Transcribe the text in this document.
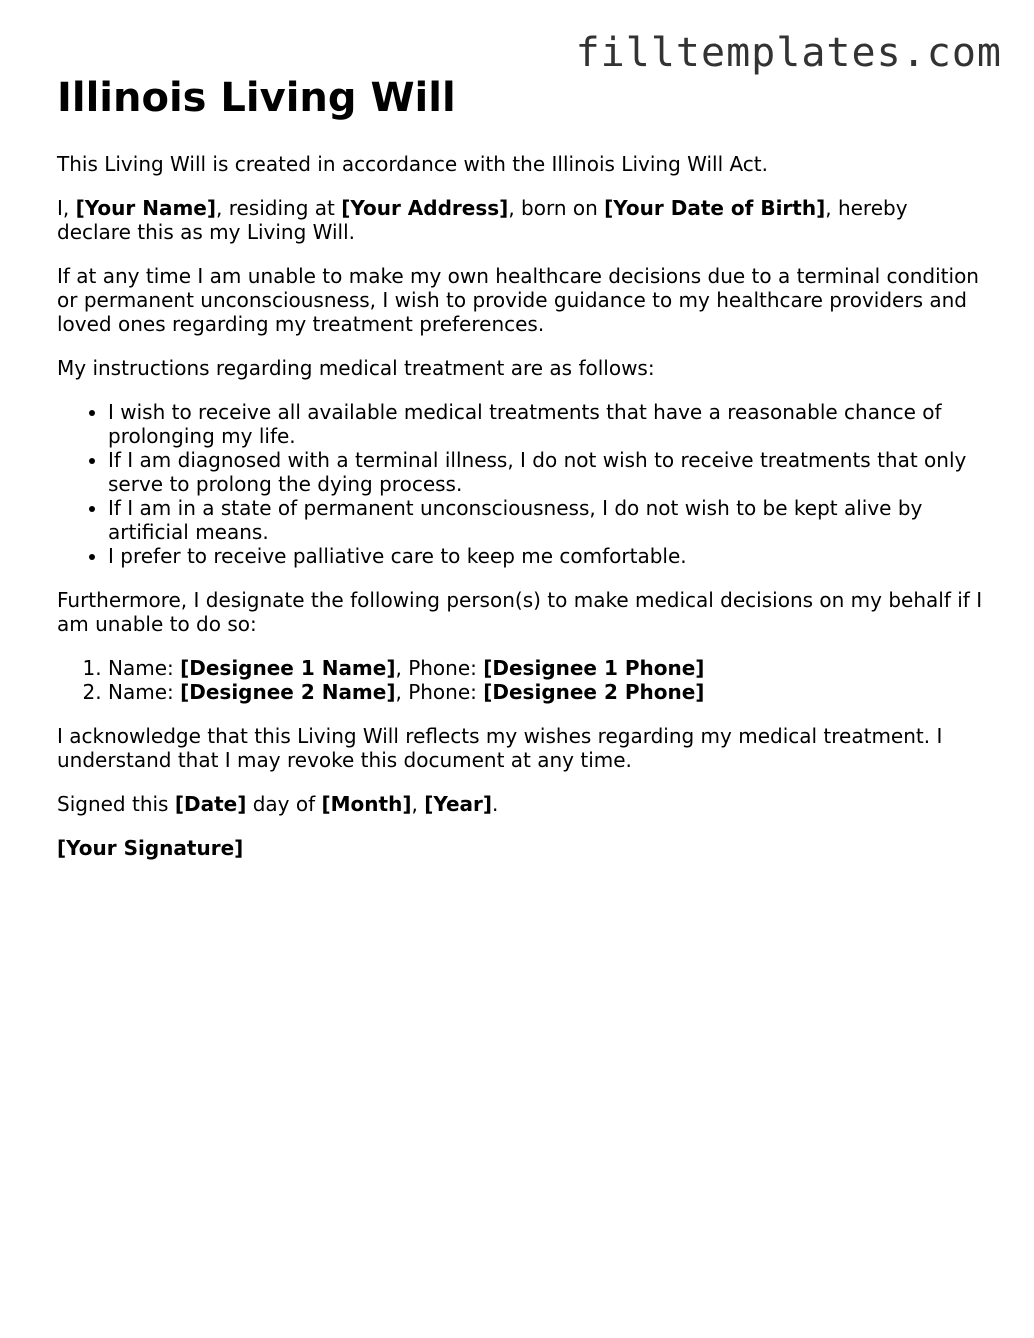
filltemplates.com
Illinois Living Will

This Living Will is created in accordance with the Illinois Living Will Act.

I, [Your Name], residing at [Your Address], born on [Your Date of Birth], hereby declare this as my Living Will.

If at any time I am unable to make my own healthcare decisions due to a terminal condition or permanent unconsciousness, I wish to provide guidance to my healthcare providers and loved ones regarding my treatment preferences.

My instructions regarding medical treatment are as follows:

• I wish to receive all available medical treatments that have a reasonable chance of prolonging my life.
• If I am diagnosed with a terminal illness, I do not wish to receive treatments that only serve to prolong the dying process.
• If I am in a state of permanent unconsciousness, I do not wish to be kept alive by artificial means.
• I prefer to receive palliative care to keep me comfortable.

Furthermore, I designate the following person(s) to make medical decisions on my behalf if I am unable to do so:

1. Name: [Designee 1 Name], Phone: [Designee 1 Phone]
2. Name: [Designee 2 Name], Phone: [Designee 2 Phone]

I acknowledge that this Living Will reflects my wishes regarding my medical treatment. I understand that I may revoke this document at any time.

Signed this [Date] day of [Month], [Year].

[Your Signature]
